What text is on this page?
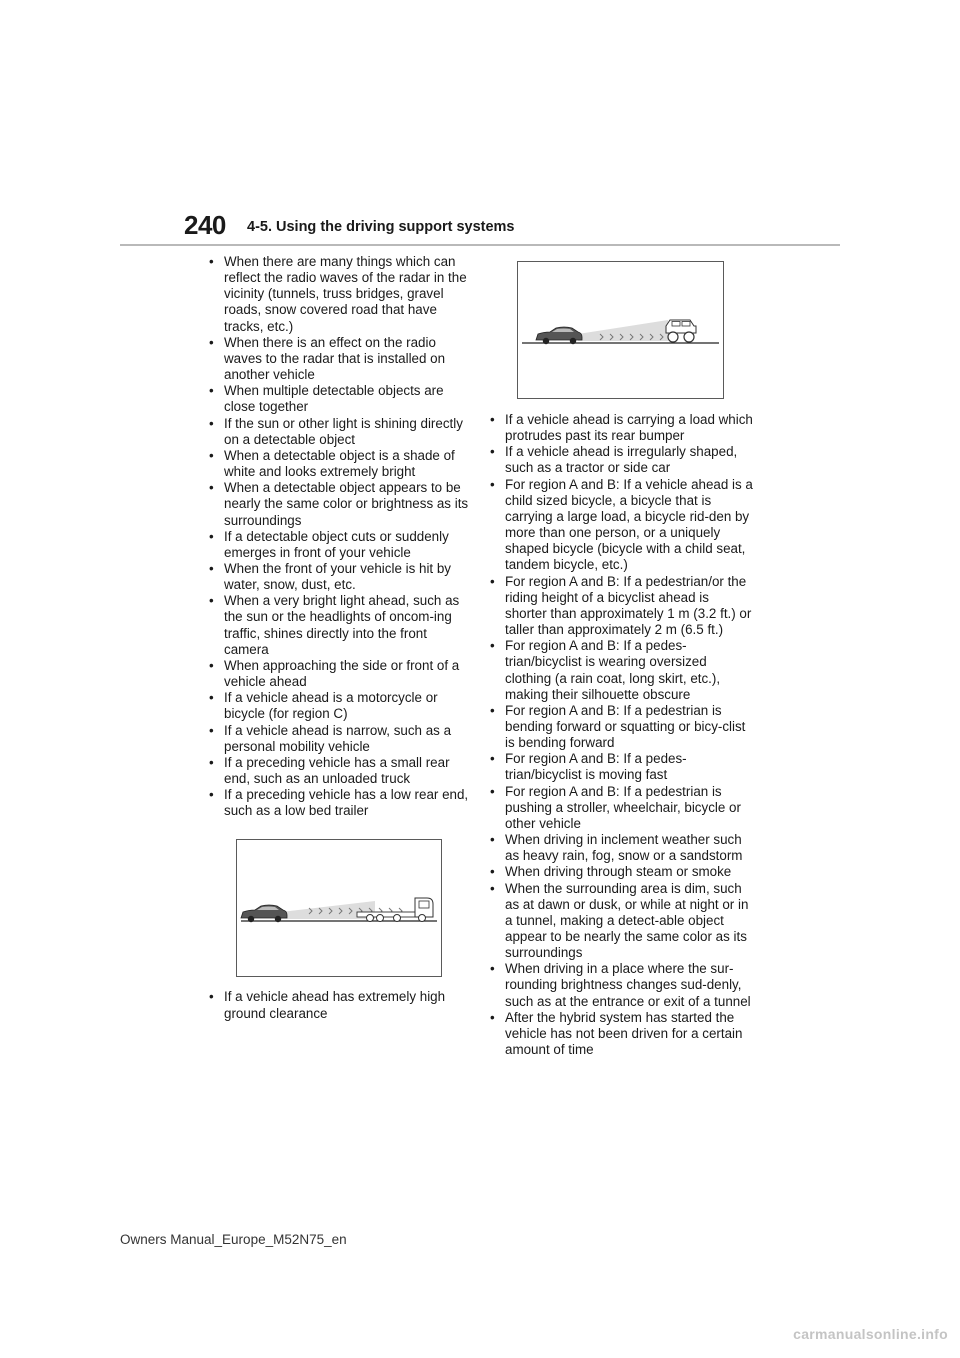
240 4-5. Using the driving support systems
• When there are many things which can reflect the radio waves of the radar in the vicinity (tunnels, truss bridges, gravel roads, snow covered road that have tracks, etc.)
• When there is an effect on the radio waves to the radar that is installed on another vehicle
• When multiple detectable objects are close together
• If the sun or other light is shining directly on a detectable object
• When a detectable object is a shade of white and looks extremely bright
• When a detectable object appears to be nearly the same color or brightness as its surroundings
• If a detectable object cuts or suddenly emerges in front of your vehicle
• When the front of your vehicle is hit by water, snow, dust, etc.
• When a very bright light ahead, such as the sun or the headlights of oncom-ing traffic, shines directly into the front camera
• When approaching the side or front of a vehicle ahead
• If a vehicle ahead is a motorcycle or bicycle (for region C)
• If a vehicle ahead is narrow, such as a personal mobility vehicle
• If a preceding vehicle has a small rear end, such as an unloaded truck
• If a preceding vehicle has a low rear end, such as a low bed trailer
• If a vehicle ahead has extremely high ground clearance
• If a vehicle ahead is carrying a load which protrudes past its rear bumper
• If a vehicle ahead is irregularly shaped, such as a tractor or side car
• For region A and B: If a vehicle ahead is a child sized bicycle, a bicycle that is carrying a large load, a bicycle rid-den by more than one person, or a uniquely shaped bicycle (bicycle with a child seat, tandem bicycle, etc.)
• For region A and B: If a pedestrian/or the riding height of a bicyclist ahead is shorter than approximately 1 m (3.2 ft.) or taller than approximately 2 m (6.5 ft.)
• For region A and B: If a pedes-trian/bicyclist is wearing oversized clothing (a rain coat, long skirt, etc.), making their silhouette obscure
• For region A and B: If a pedestrian is bending forward or squatting or bicy-clist is bending forward
• For region A and B: If a pedes-trian/bicyclist is moving fast
• For region A and B: If a pedestrian is pushing a stroller, wheelchair, bicycle or other vehicle
• When driving in inclement weather such as heavy rain, fog, snow or a sandstorm
• When driving through steam or smoke
• When the surrounding area is dim, such as at dawn or dusk, or while at night or in a tunnel, making a detect-able object appear to be nearly the same color as its surroundings
• When driving in a place where the sur-rounding brightness changes sud-denly, such as at the entrance or exit of a tunnel
• After the hybrid system has started the vehicle has not been driven for a certain amount of time
Owners Manual_Europe_M52N75_en
carmanualsonline.info
